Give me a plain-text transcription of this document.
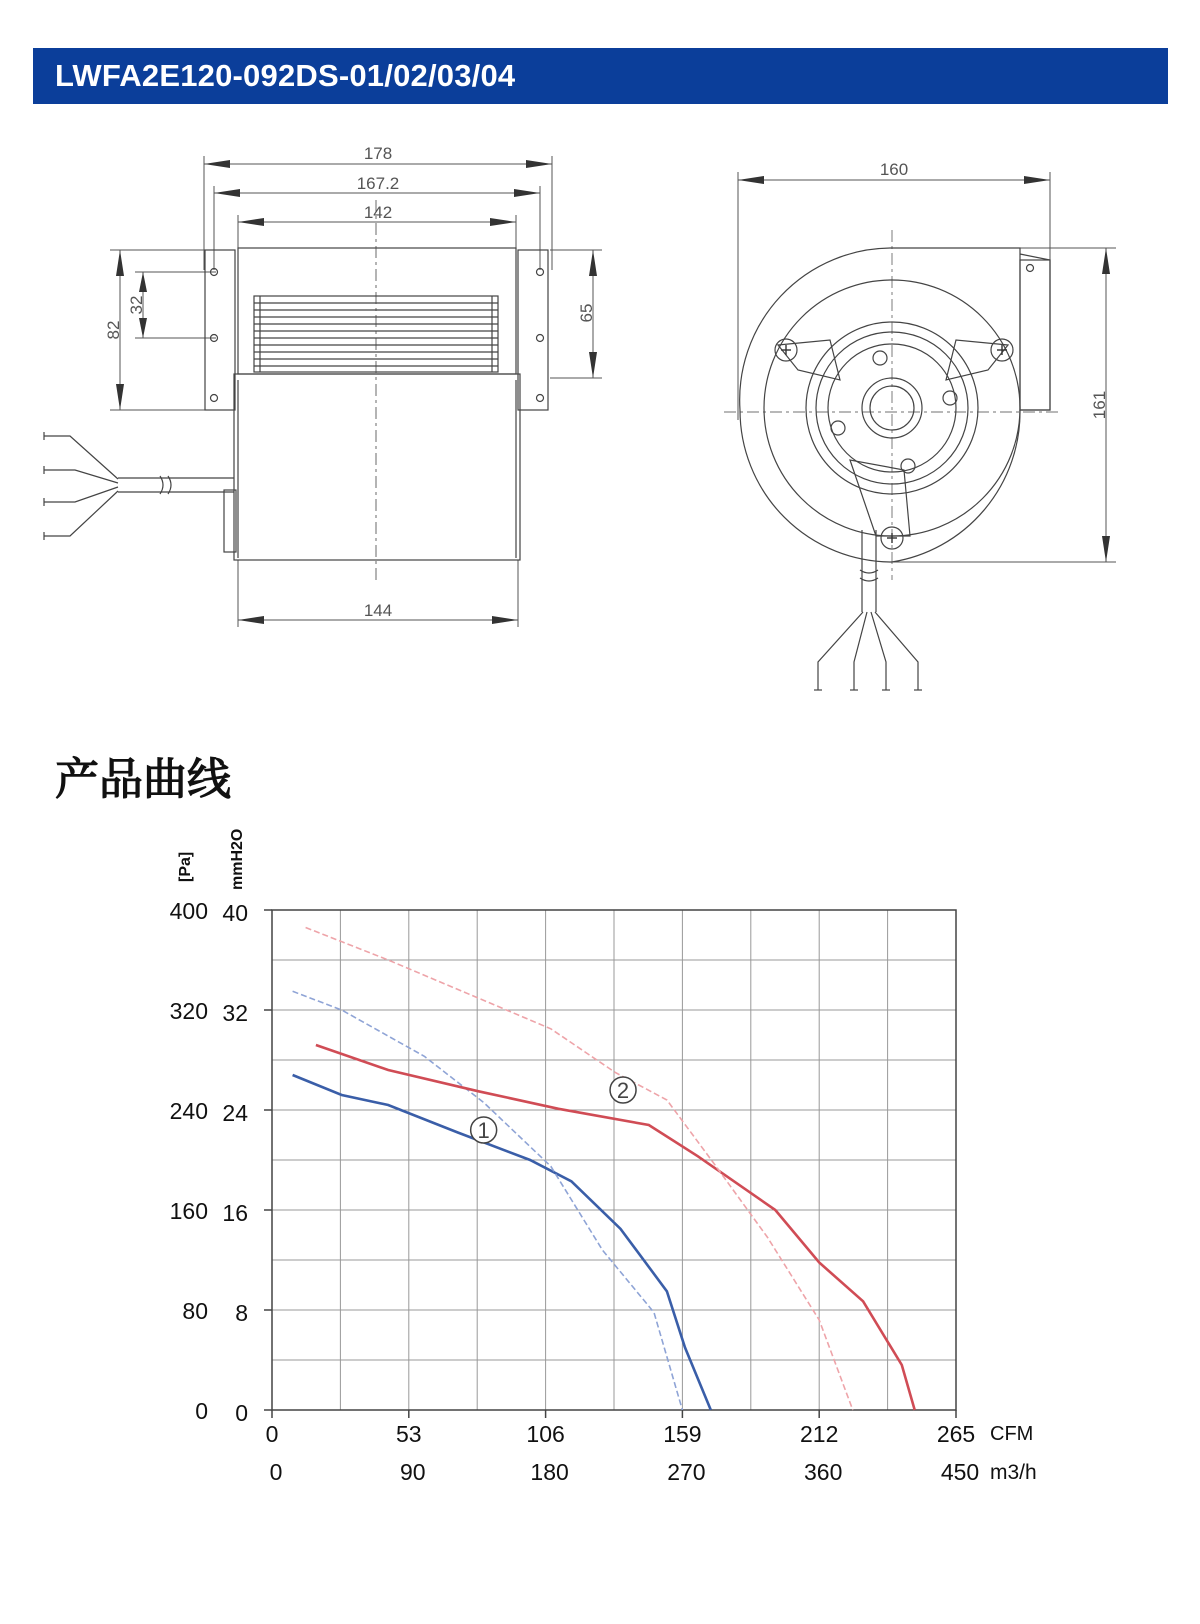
LWFA2E120-092DS-01/02/03/04
178
167.2
142
144
82
32	65
160
161
产品曲线
400
320
240
160
80
0
40
32
24
16
8
0
0	53	106	159	212	265
0	90	180	270	360	450
CFM
m3/h
[Pa] mmH2O
1
2
